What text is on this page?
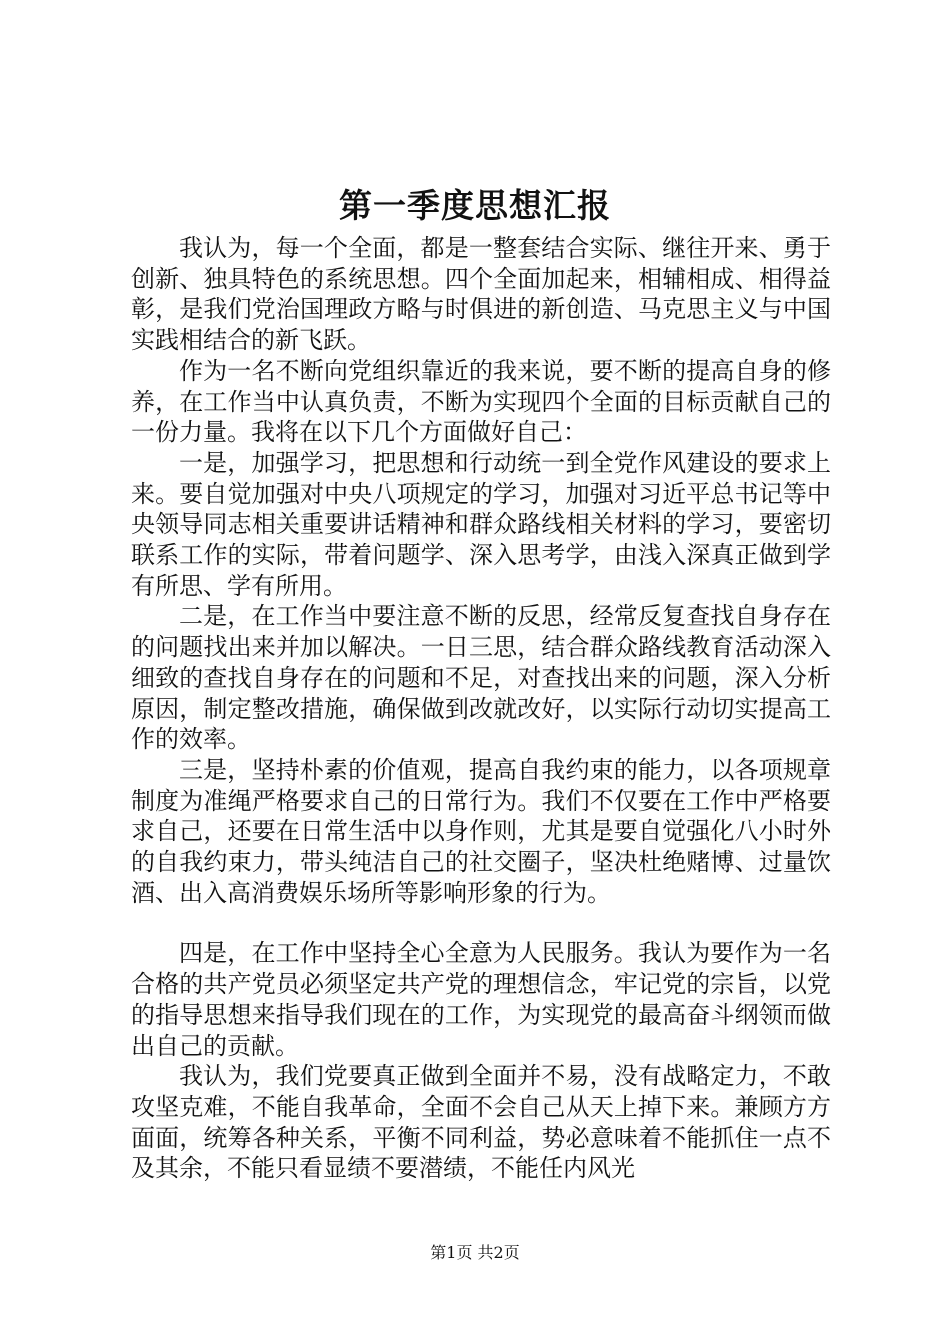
第一季度思想汇报

我认为，每一个全面，都是一整套结合实际、继往开来、勇于创新、独具特色的系统思想。四个全面加起来，相辅相成、相得益彰，是我们党治国理政方略与时俱进的新创造、马克思主义与中国实践相结合的新飞跃。

作为一名不断向党组织靠近的我来说，要不断的提高自身的修养，在工作当中认真负责，不断为实现四个全面的目标贡献自己的一份力量。我将在以下几个方面做好自己：

一是，加强学习，把思想和行动统一到全党作风建设的要求上来。要自觉加强对中央八项规定的学习，加强对习近平总书记等中央领导同志相关重要讲话精神和群众路线相关材料的学习，要密切联系工作的实际，带着问题学、深入思考学，由浅入深真正做到学有所思、学有所用。

二是，在工作当中要注意不断的反思，经常反复查找自身存在的问题找出来并加以解决。一日三思，结合群众路线教育活动深入细致的查找自身存在的问题和不足，对查找出来的问题，深入分析原因，制定整改措施，确保做到改就改好，以实际行动切实提高工作的效率。

三是，坚持朴素的价值观，提高自我约束的能力，以各项规章制度为准绳严格要求自己的日常行为。我们不仅要在工作中严格要求自己，还要在日常生活中以身作则，尤其是要自觉强化八小时外的自我约束力，带头纯洁自己的社交圈子，坚决杜绝赌博、过量饮酒、出入高消费娱乐场所等影响形象的行为。

四是，在工作中坚持全心全意为人民服务。我认为要作为一名合格的共产党员必须坚定共产党的理想信念，牢记党的宗旨，以党的指导思想来指导我们现在的工作，为实现党的最高奋斗纲领而做出自己的贡献。

我认为，我们党要真正做到全面并不易，没有战略定力，不敢攻坚克难，不能自我革命，全面不会自己从天上掉下来。兼顾方方面面，统筹各种关系，平衡不同利益，势必意味着不能抓住一点不及其余，不能只看显绩不要潜绩，不能任内风光

第1页 共2页
